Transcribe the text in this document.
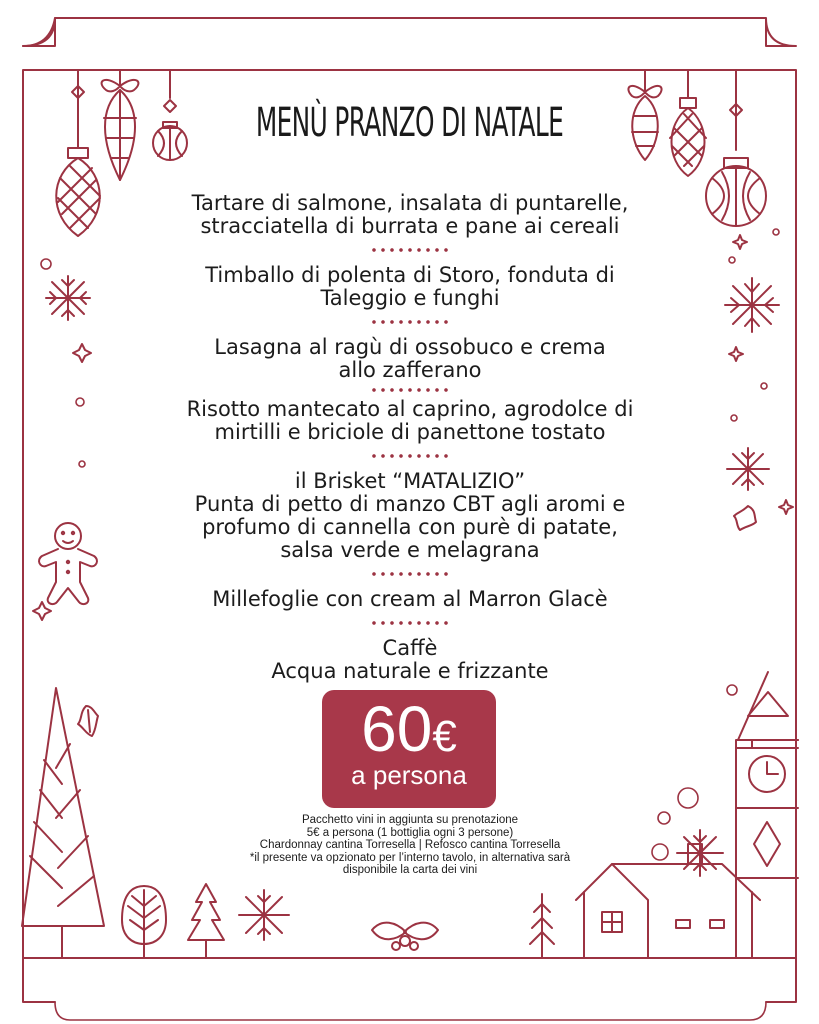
MENÙ PRANZO DI NATALE
Tartare di salmone, insalata di puntarelle,
stracciatella di burrata e pane ai cereali
Timballo di polenta di Storo, fonduta di
Taleggio e funghi
Lasagna al ragù di ossobuco e crema
allo zafferano
Risotto mantecato al caprino, agrodolce di
mirtilli e briciole di panettone tostato
il Brisket “MATALIZIO”
Punta di petto di manzo CBT agli aromi e
profumo di cannella con purè di patate,
salsa verde e melagrana
Millefoglie con cream al Marron Glacè
Caffè
Acqua naturale e frizzante
60€
a persona
Pacchetto vini in aggiunta su prenotazione
5€ a persona (1 bottiglia ogni 3 persone)
Chardonnay cantina Torresella | Refosco cantina Torresella
*il presente va opzionato per l’interno tavolo, in alternativa sarà
disponibile la carta dei vini
